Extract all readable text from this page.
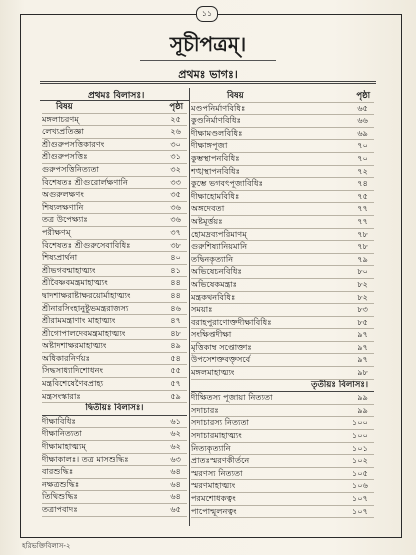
১১
সূচীপত্রম্।
প্রথমঃ ভাগঃ।
প্রথমঃ বিলাসঃ।
বিষয়	পৃষ্ঠা
মঙ্গলাচরণম্	২৫
লেখ্যপ্রতিজ্ঞা	২৬
শ্রীগুরুপসত্তিকারণং	৩০
শ্রীগুরুপসত্তিঃ	৩১
গুরুপসত্তিনিত্যতা	৩২
বিশেষতঃ শ্রীগুরোর্লক্ষণানি	৩৩
অগুরুলক্ষণং	৩৫
শিষ্যলক্ষণানি	৩৬
তত্র উপেক্ষ্যাঃ	৩৬
পরীক্ষণম্	৩৭
বিশেষতঃ শ্রীগুরুসেবাবিধিঃ	৩৮
শিষ্যপ্রার্থনা	৪০
শ্রীভগবন্মাহাত্ম্যং	৪১
শ্রীবৈষ্ণবমন্ত্রমাহাত্ম্যং	৪৪
দ্বাদশাক্ষরাষ্টাক্ষরয়োর্মাহাত্ম্যং	৪৪
শ্রীনারসিংহানুষ্টুভমন্ত্ররাজস্য	৪৬
শ্রীরামমন্ত্রাণাং মাহাত্ম্যং	৪৭
শ্রীগোপালদেবমন্ত্রমাহাত্ম্যং	৪৮
অষ্টাদশাক্ষরমাহাত্ম্যং	৪৯
অধিকারনির্ণয়ঃ	৫৪
সিদ্ধসাধ্যাদিশোধনং	৫৫
মন্ত্রবিশেষেণৈবপ্রাহ্য	৫৭
মন্ত্রসংস্কারাঃ	৫৯
দ্বিতীয়ঃ বিলাসঃ।
দীক্ষাবিধিঃ	৬১
দীক্ষানিত্যতা	৬২
দীক্ষামাহাত্ম্যম্	৬২
দীক্ষাকালঃ। তত্র মাসশুদ্ধিঃ	৬৩
বারশুদ্ধিঃ	৬৪
নক্ষত্রশুদ্ধিঃ	৬৪
তিথিশুদ্ধিঃ	৬৪
তত্রাপবাদঃ	৬৫
বিষয়	পৃষ্ঠা
মণ্ডপনির্মাণবিধিঃ	৬৫
কুণ্ডনির্মাণবিধিঃ	৬৬
দীক্ষামণ্ডলবিধিঃ	৬৯
দীক্ষাঙ্গপূজা	৭০
কুম্ভস্থাপনবিধিঃ	৭০
শঙ্খস্থাপনবিধিঃ	৭২
কুম্ভে ভগবৎপূজাবিধিঃ	৭৪
দীক্ষাহোমবিধিঃ	৭৫
অঙ্গদেবতা	৭৭
অষ্টমূর্ত্তয়ঃ	৭৭
হোমদ্রব্যপরিমাণম্	৭৮
গুরুশিষ্যানিয়মানি	৭৮
তদ্বিনকৃত্যানি	৭৯
অভিষেচনবিধিঃ	৮০
অভিষেকমন্ত্রাঃ	৮২
মন্ত্রকথনবিধিঃ	৮২
সময়াঃ	৮৩
বরাহপুরাণোক্তদীক্ষাবিধিঃ	৮৫
সংক্ষিপ্তদীক্ষা	৯৭
মৃত্তিকাম্ব সপ্তোক্তাঃ	৯৭
উপসেশক্তবক্তৃসর্বে	৯৭
মঙ্গলমাহাত্ম্যং	৯৮
তৃতীয়ঃ বিলাসঃ।
দীক্ষিতস্য পূজায়া নিত্যতা	৯৯
সদাচারঃ	৯৯
সদাচারস্য নিত্যতা	১০০
সদাচারমাহাত্ম্যং	১০০
নিত্যকৃত্যানি	১০১
প্রাতঃস্মরণকীর্তনে	১০২
স্মরণস্য নিত্যতা	১০৫
স্মরণমাহাত্ম্যং	১০৬
পরমশোধকত্বং	১০৭
পাপোন্মূলনত্বং	১০৭
হরিভক্তিবিলাস-২
